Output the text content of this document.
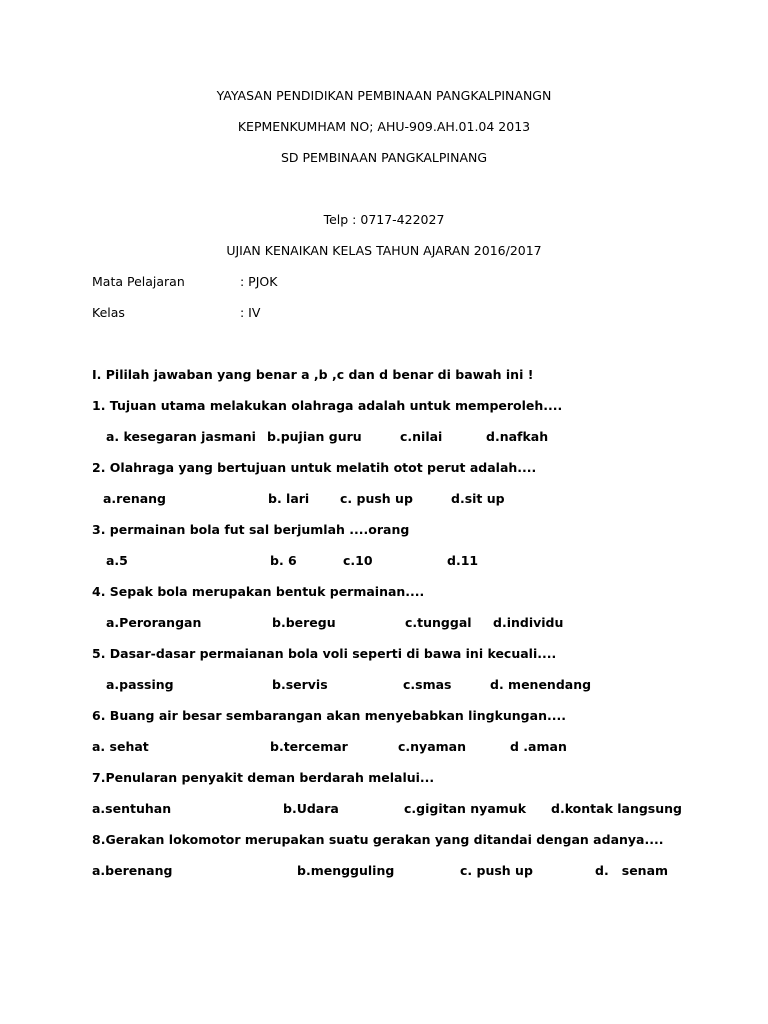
YAYASAN PENDIDIKAN PEMBINAAN PANGKALPINANGN
KEPMENKUMHAM NO; AHU-909.AH.01.04 2013
SD PEMBINAAN PANGKALPINANG
Telp : 0717-422027
UJIAN KENAIKAN KELAS TAHUN AJARAN 2016/2017
Mata Pelajaran	: PJOK
Kelas	: IV
I. Pililah jawaban yang benar a ,b ,c dan d benar di bawah ini !
1. Tujuan utama melakukan olahraga adalah untuk memperoleh....
a. kesegaran jasmani b.pujian guru	c.nilai	d.nafkah
2. Olahraga yang bertujuan untuk melatih otot perut adalah....
a.renang	b. lari c. push up	d.sit up
3. permainan bola fut sal berjumlah ....orang
a.5	b. 6	c.10	d.11
4. Sepak bola merupakan bentuk permainan....
a.Perorangan	b.beregu	c.tunggal d.individu
5. Dasar-dasar permaianan bola voli seperti di bawa ini kecuali....
a.passing	b.servis	c.smas	d. menendang
6. Buang air besar sembarangan akan menyebabkan lingkungan....
a. sehat	b.tercemar	c.nyaman	d .aman
7.Penularan penyakit deman berdarah melalui...
a.sentuhan	b.Udara	c.gigitan nyamuk d.kontak langsung
8.Gerakan lokomotor merupakan suatu gerakan yang ditandai dengan adanya....
a.berenang	b.mengguling	c. push up	d.   senam
